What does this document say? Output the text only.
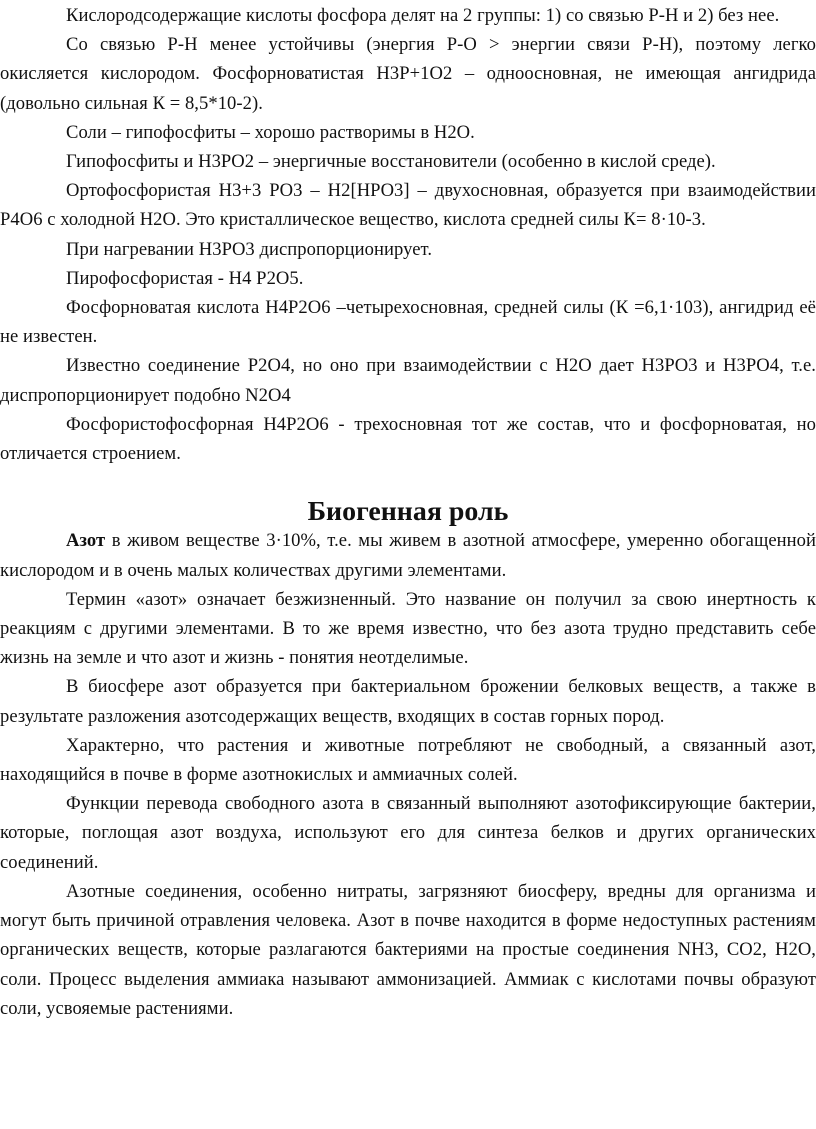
Кислородсодержащие кислоты фосфора делят на 2 группы: 1) со связью P-H и 2) без нее.

Со связью P-H менее устойчивы (энергия P-O > энергии связи P-H), поэтому легко окисляется кислородом. Фосфорноватистая H3P+1O2 – одноосновная, не имеющая ангидрида (довольно сильная К = 8,5*10-2).

Соли – гипофосфиты – хорошо растворимы в H2O.

Гипофосфиты и H3PO2 – энергичные восстановители (особенно в кислой среде).

Ортофосфористая H3+3 PO3 – H2[HPO3] – двухосновная, образуется при взаимодействии P4O6 с холодной H2O. Это кристаллическое вещество, кислота средней силы К= 8·10-3.

При нагревании H3PO3 диспропорционирует.

Пирофосфористая - H4 P2O5.

Фосфорноватая кислота H4P2O6 –четырехосновная, средней силы (К =6,1·103), ангидрид её не известен.

Известно соединение P2O4, но оно при взаимодействии с H2O дает H3PO3 и H3PO4, т.е. диспропорционирует подобно N2O4

Фосфористофосфорная H4P2O6 - трехосновная тот же состав, что и фосфорноватая, но отличается строением.

Биогенная роль

Азот в живом веществе 3·10%, т.е. мы живем в азотной атмосфере, умеренно обогащенной кислородом и в очень малых количествах другими элементами.

Термин «азот» означает безжизненный. Это название он получил за свою инертность к реакциям с другими элементами. В то же время известно, что без азота трудно представить себе жизнь на земле и что азот и жизнь - понятия неотделимые.

В биосфере азот образуется при бактериальном брожении белковых веществ, а также в результате разложения азотсодержащих веществ, входящих в состав горных пород.

Характерно, что растения и животные потребляют не свободный, а связанный азот, находящийся в почве в форме азотнокислых и аммиачных солей.

Функции перевода свободного азота в связанный выполняют азотофиксирующие бактерии, которые, поглощая азот воздуха, используют его для синтеза белков и других органических соединений.

Азотные соединения, особенно нитраты, загрязняют биосферу, вредны для организма и могут быть причиной отравления человека. Азот в почве находится в форме недоступных растениям органических веществ, которые разлагаются бактериями на простые соединения NH3, CO2, H2O, соли. Процесс выделения аммиака называют аммонизацией. Аммиак с кислотами почвы образуют соли, усвояемые растениями.
